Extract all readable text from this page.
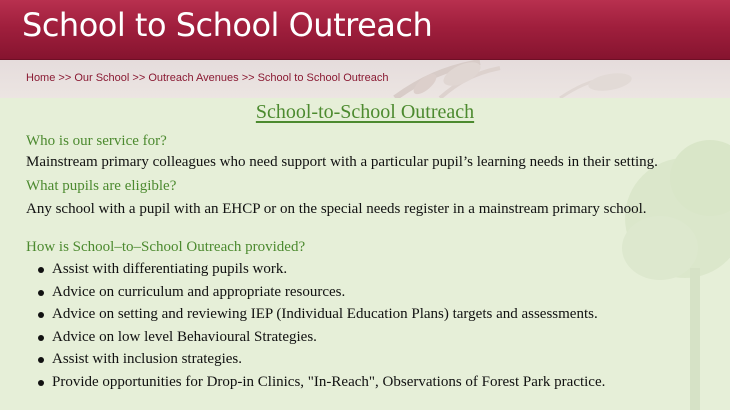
School to School Outreach
Home >> Our School >> Outreach Avenues >> School to School Outreach
School-to-School Outreach

Who is our service for?

Mainstream primary colleagues who need support with a particular pupil’s learning needs in their setting.

What pupils are eligible?

Any school with a pupil with an EHCP or on the special needs register in a mainstream primary school.

How is School–to–School Outreach provided?

Assist with differentiating pupils work.
Advice on curriculum and appropriate resources.
Advice on setting and reviewing IEP (Individual Education Plans) targets and assessments.
Advice on low level Behavioural Strategies.
Assist with inclusion strategies.
Provide opportunities for Drop-in Clinics, "In-Reach", Observations of Forest Park practice.
